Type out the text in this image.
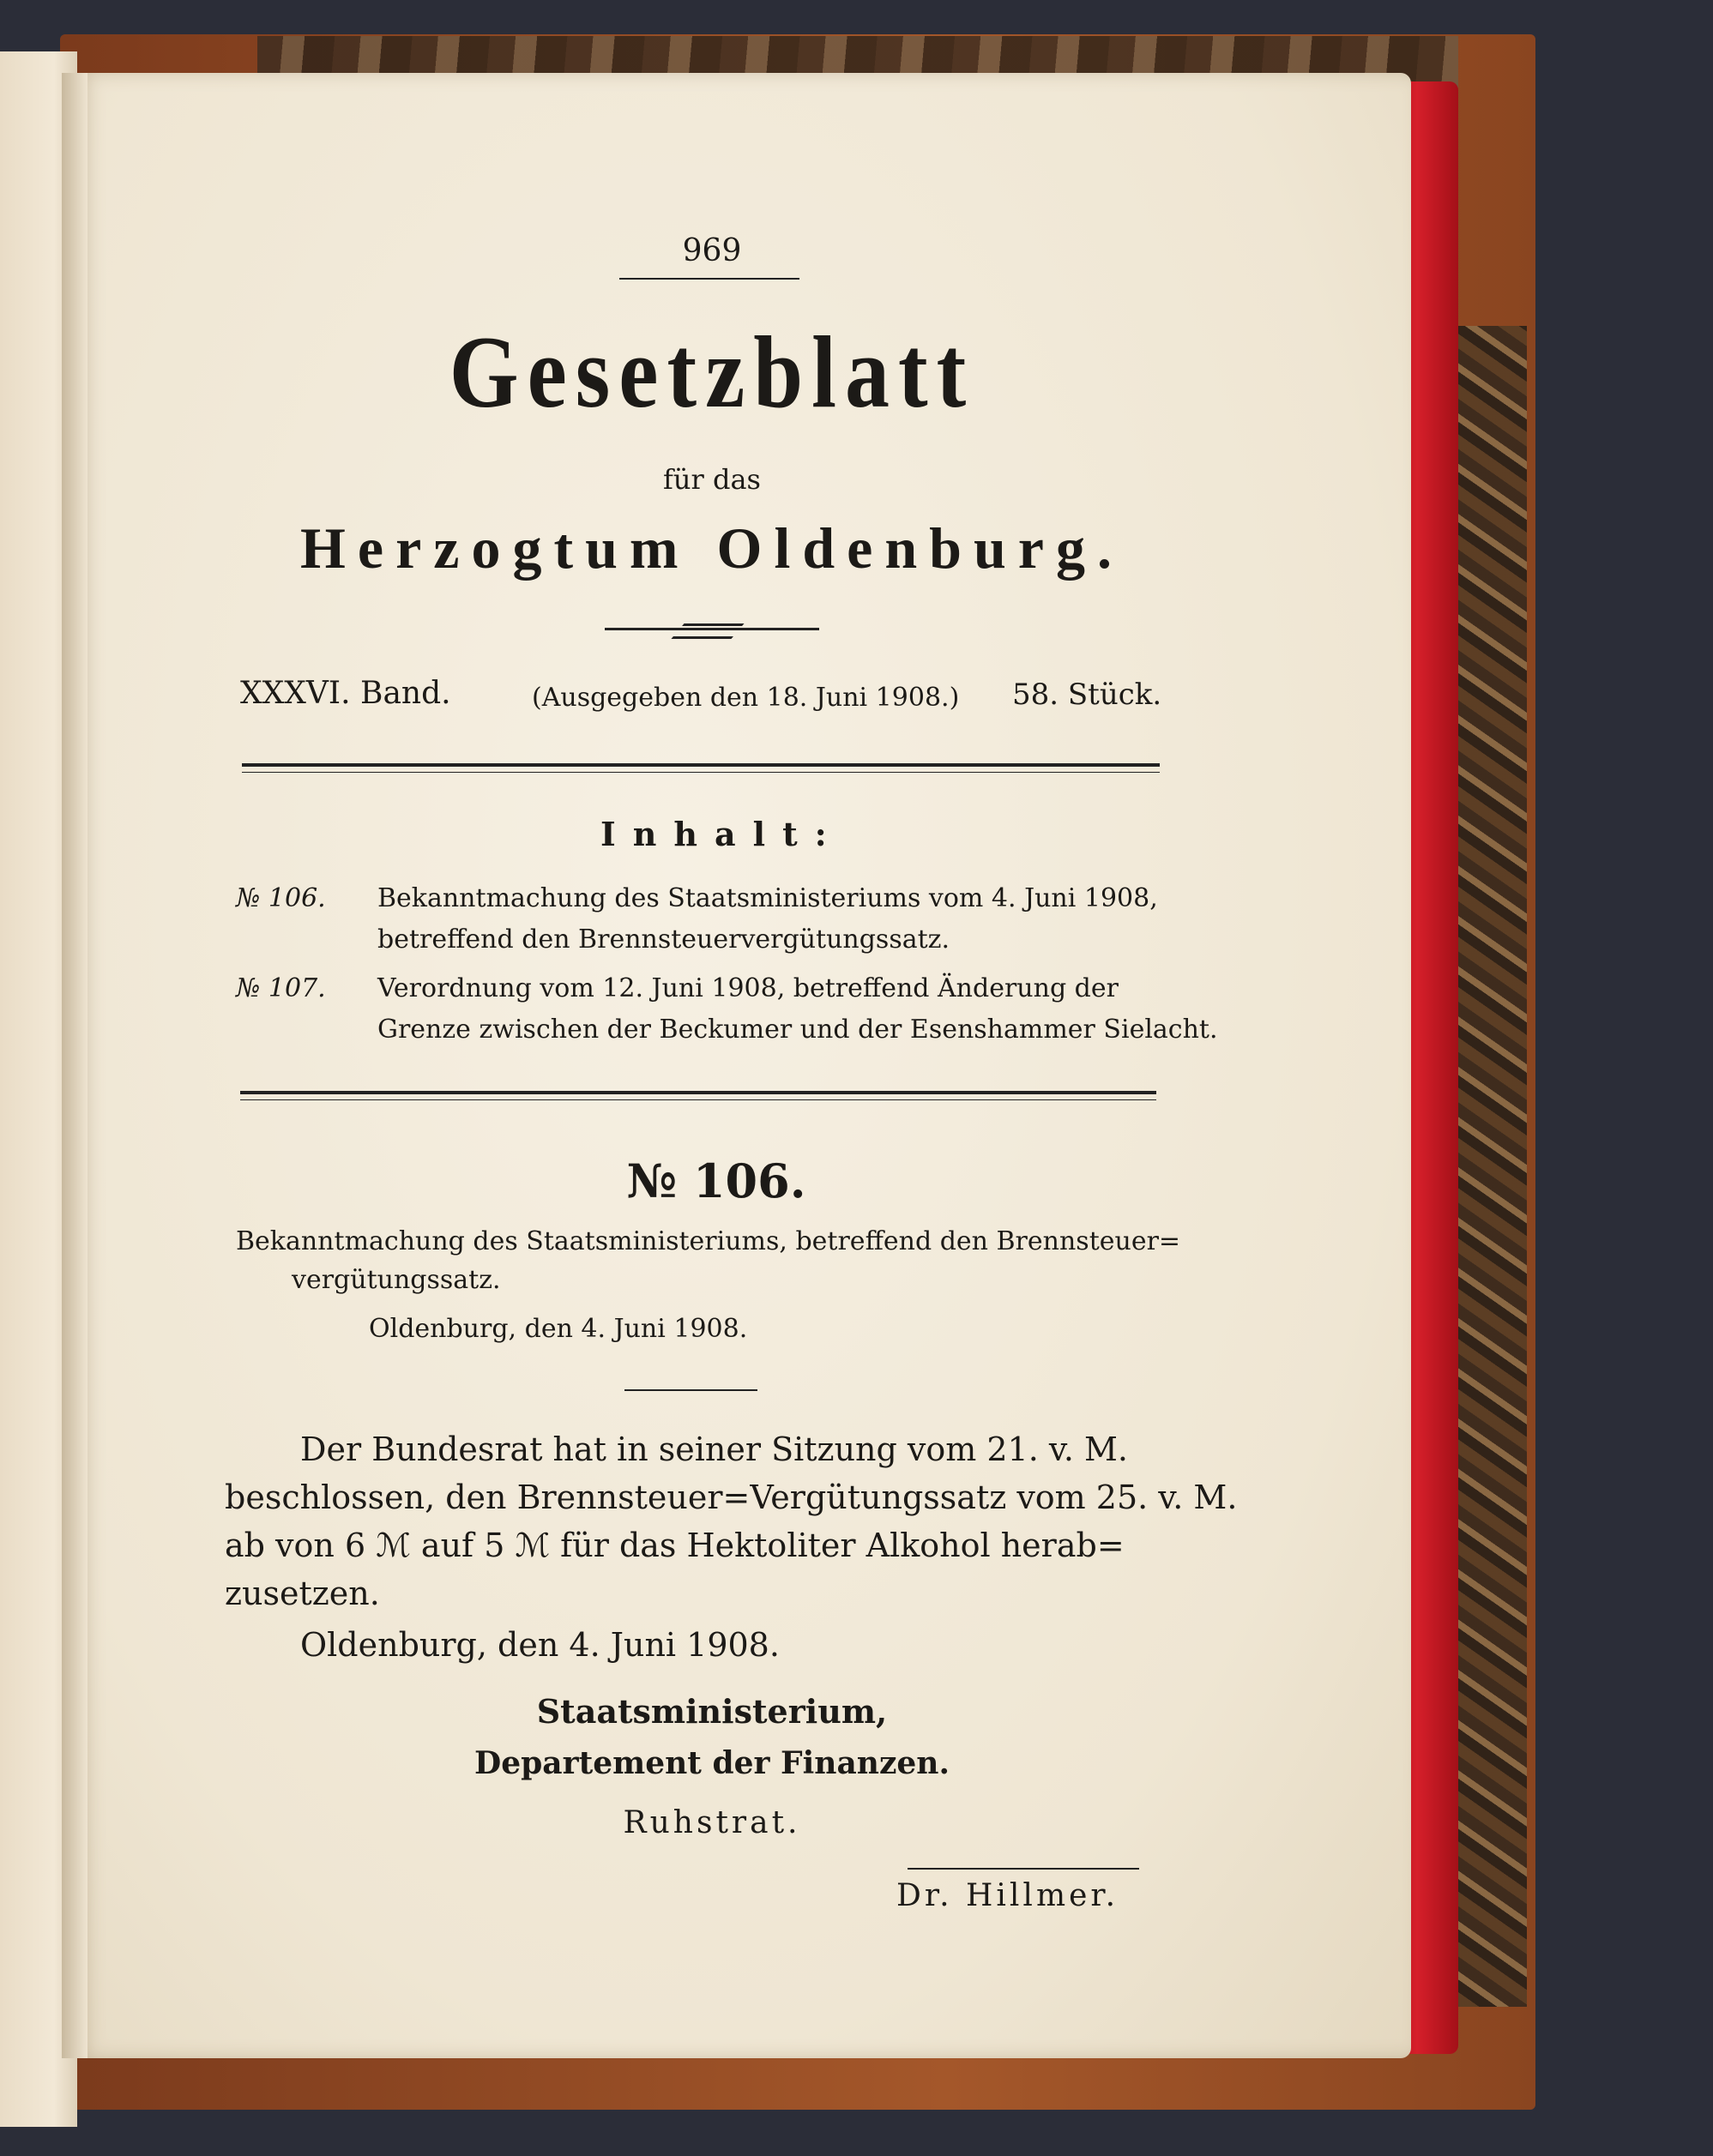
969
Gesetzblatt
für das
Herzogtum Oldenburg.
XXXVI. Band.	(Ausgegeben den 18. Juni 1908.) 58. Stück.
Inhalt:
№ 106. Bekanntmachung des Staatsministeriums vom 4. Juni 1908,
betreffend den Brennsteuervergütungssatz.
№ 107. Verordnung vom 12. Juni 1908, betreffend Änderung der
Grenze zwischen der Beckumer und der Esenshammer Sielacht.
№ 106.
Bekanntmachung des Staatsministeriums, betreffend den Brennsteuer=
vergütungssatz.
Oldenburg, den 4. Juni 1908.
Der Bundesrat hat in seiner Sitzung vom 21. v. M.
beschlossen, den Brennsteuer=Vergütungssatz vom 25. v. M.
ab von 6 ℳ auf 5 ℳ für das Hektoliter Alkohol herab=
zusetzen.
Oldenburg, den 4. Juni 1908.
Staatsministerium,
Departement der Finanzen.
Ruhstrat.
Dr. Hillmer.
